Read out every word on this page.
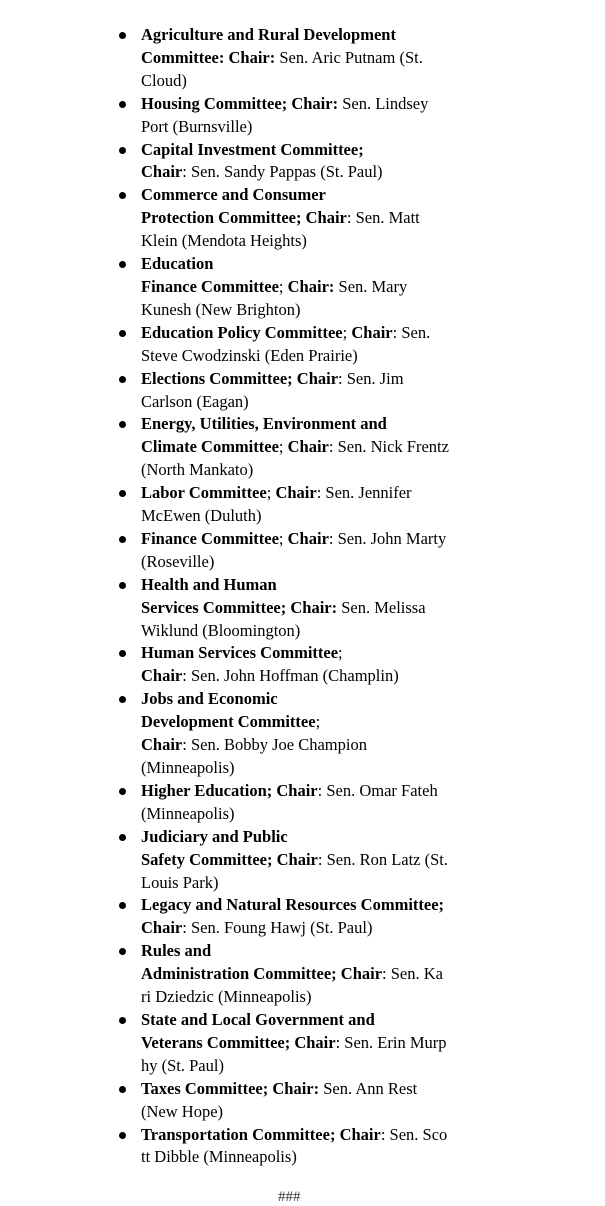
Agriculture and Rural Development
Committee: Chair: Sen. Aric Putnam (St.
Cloud)
Housing Committee; Chair: Sen. Lindsey
Port (Burnsville)
Capital Investment Committee;
Chair: Sen. Sandy Pappas (St. Paul)
Commerce and Consumer
Protection Committee; Chair: Sen. Matt
Klein (Mendota Heights)
Education
Finance Committee; Chair: Sen. Mary
Kunesh (New Brighton)
Education Policy Committee; Chair: Sen.
Steve Cwodzinski (Eden Prairie)
Elections Committee; Chair: Sen. Jim
Carlson (Eagan)
Energy, Utilities, Environment and
Climate Committee; Chair: Sen. Nick Frentz
(North Mankato)
Labor Committee; Chair: Sen. Jennifer
McEwen (Duluth)
Finance Committee; Chair: Sen. John Marty
(Roseville)
Health and Human
Services Committee; Chair: Sen. Melissa
Wiklund (Bloomington)
Human Services Committee;
Chair: Sen. John Hoffman (Champlin)
Jobs and Economic
Development Committee;
Chair: Sen. Bobby Joe Champion
(Minneapolis)
Higher Education; Chair: Sen. Omar Fateh
(Minneapolis)
Judiciary and Public
Safety Committee; Chair: Sen. Ron Latz (St.
Louis Park)
Legacy and Natural Resources Committee;
Chair: Sen. Foung Hawj (St. Paul)
Rules and
Administration Committee; Chair: Sen. Ka
ri Dziedzic (Minneapolis)
State and Local Government and
Veterans Committee; Chair: Sen. Erin Murp
hy (St. Paul)
Taxes Committee; Chair: Sen. Ann Rest
(New Hope)
Transportation Committee; Chair: Sen. Sco
tt Dibble (Minneapolis)
###
